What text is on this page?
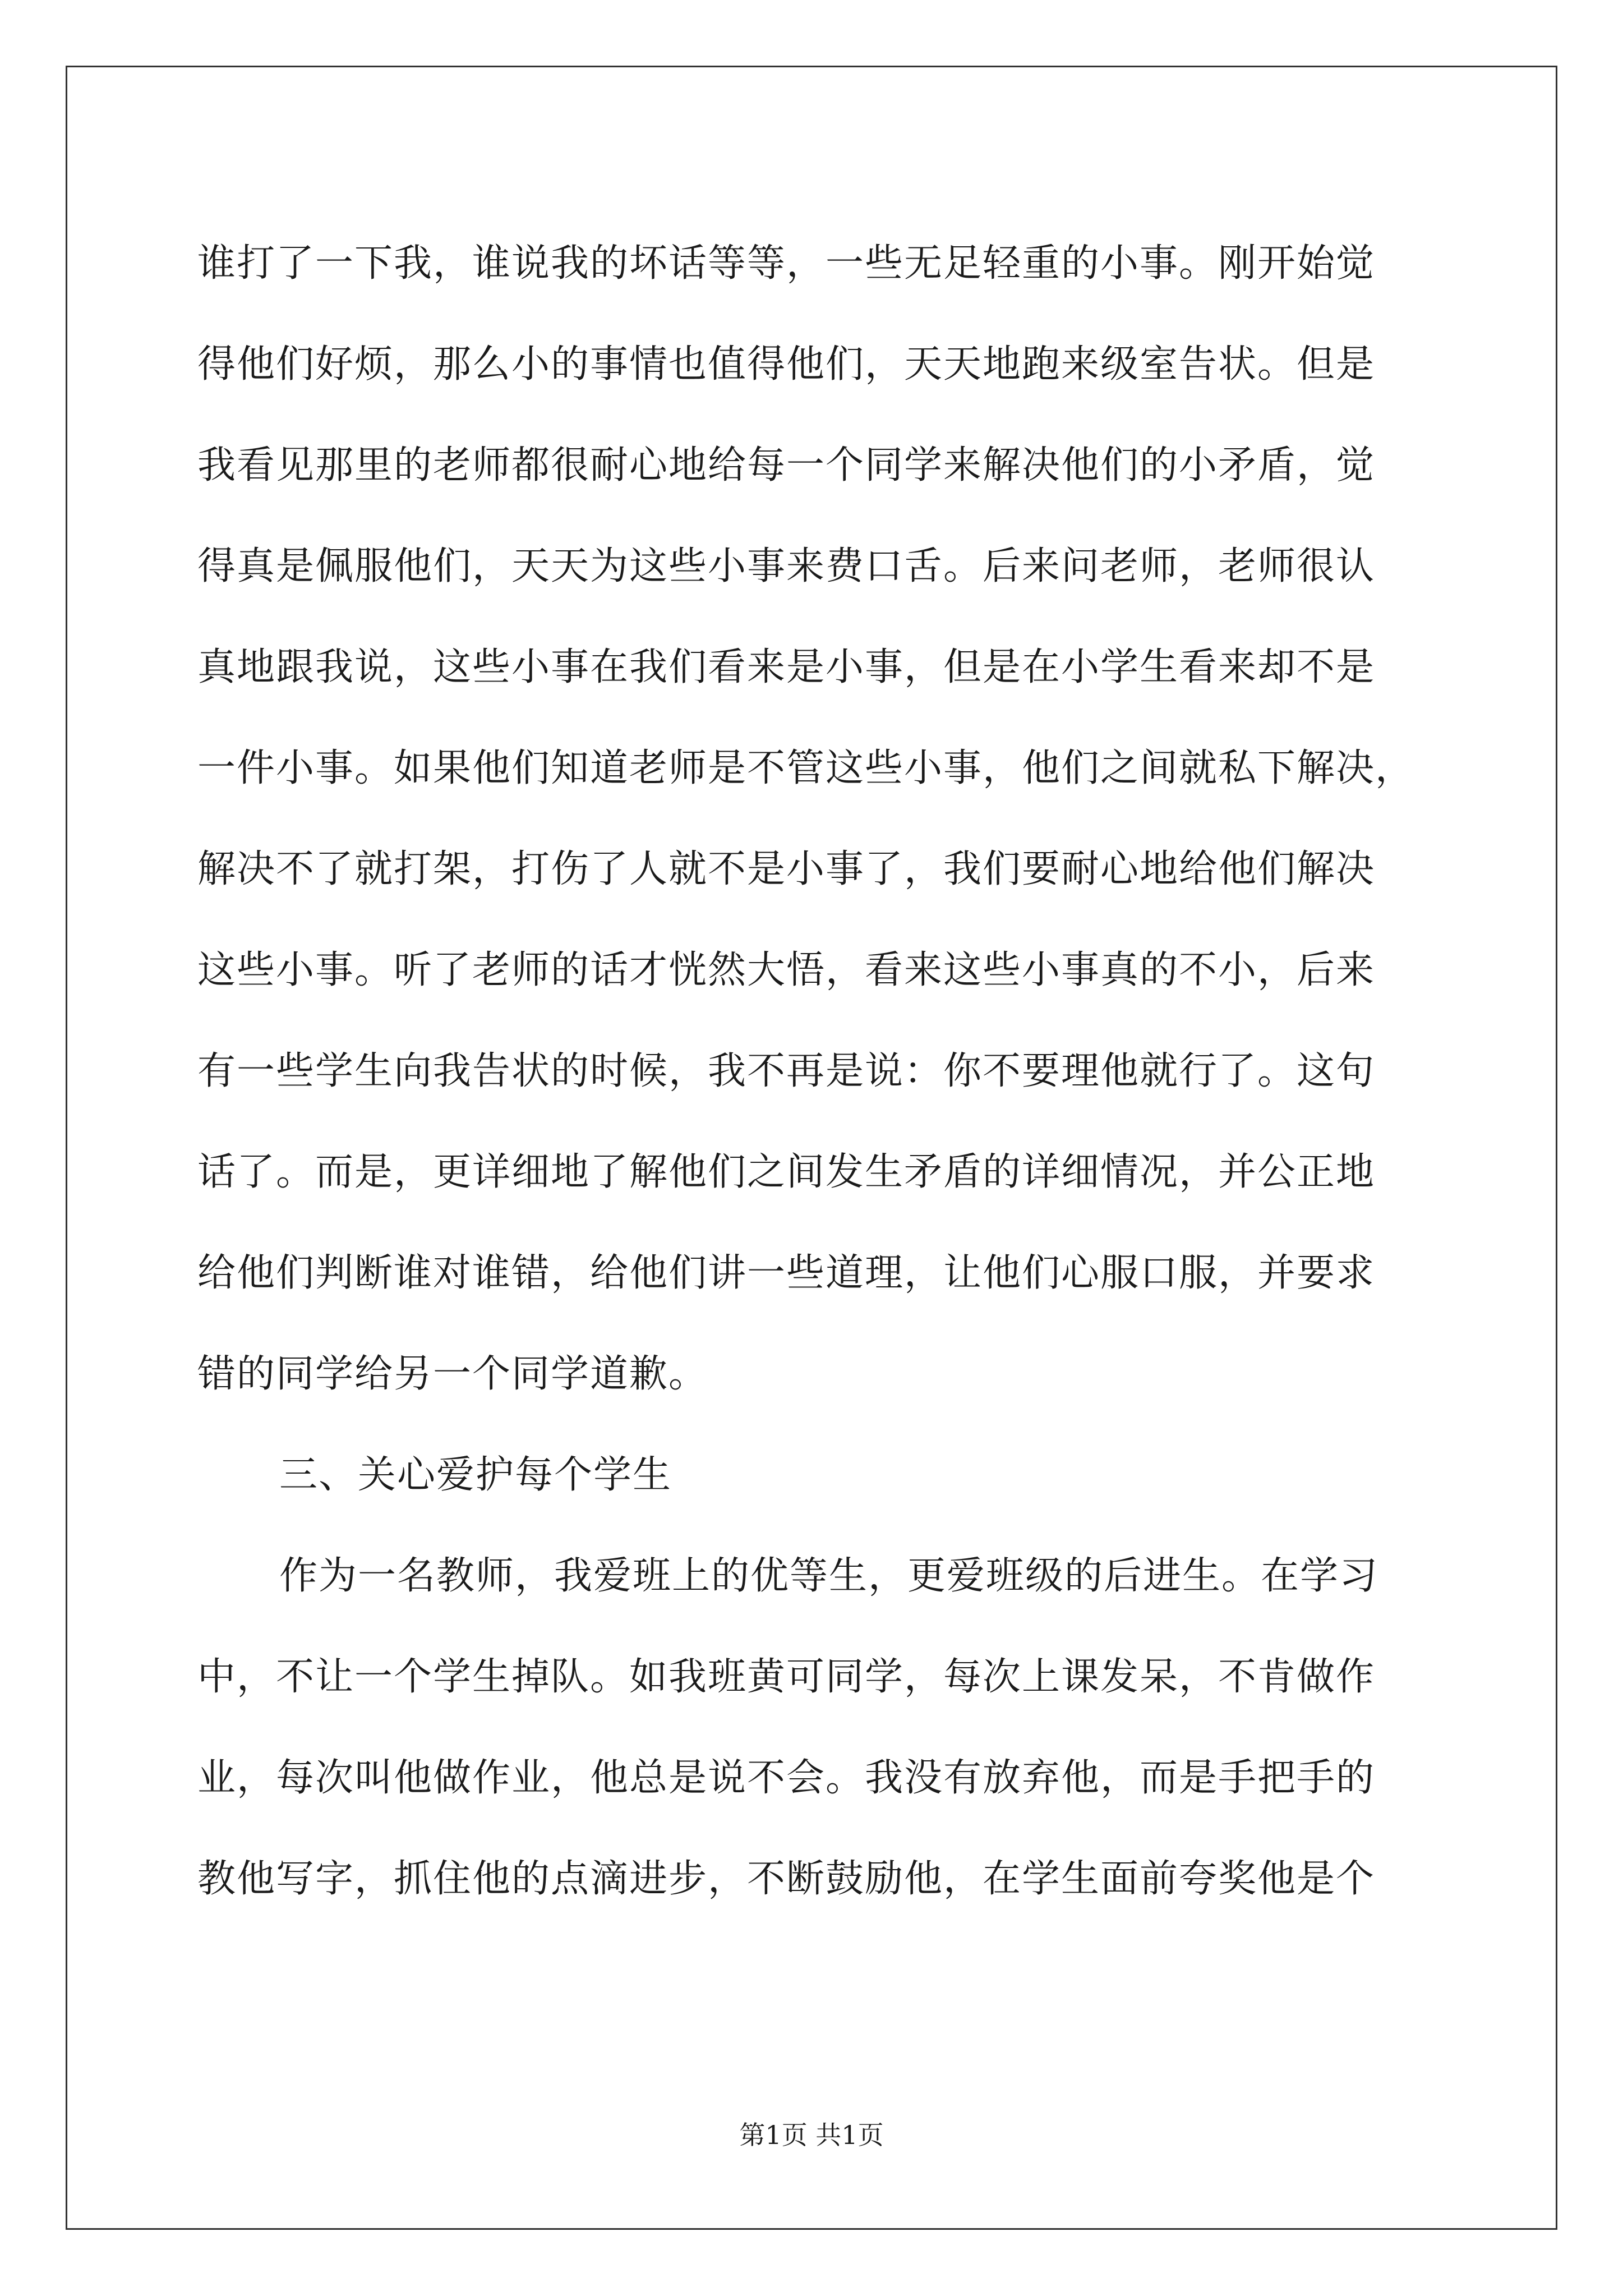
谁打了一下我，谁说我的坏话等等，一些无足轻重的小事。刚开始觉
得他们好烦，那么小的事情也值得他们，天天地跑来级室告状。但是
我看见那里的老师都很耐心地给每一个同学来解决他们的小矛盾，觉
得真是佩服他们，天天为这些小事来费口舌。后来问老师，老师很认
真地跟我说，这些小事在我们看来是小事，但是在小学生看来却不是
一件小事。如果他们知道老师是不管这些小事，他们之间就私下解决，
解决不了就打架，打伤了人就不是小事了，我们要耐心地给他们解决
这些小事。听了老师的话才恍然大悟，看来这些小事真的不小，后来
有一些学生向我告状的时候，我不再是说：你不要理他就行了。这句
话了。而是，更详细地了解他们之间发生矛盾的详细情况，并公正地
给他们判断谁对谁错，给他们讲一些道理，让他们心服口服，并要求
错的同学给另一个同学道歉。
三、关心爱护每个学生
作为一名教师，我爱班上的优等生，更爱班级的后进生。在学习
中，不让一个学生掉队。如我班黄可同学，每次上课发呆，不肯做作
业，每次叫他做作业，他总是说不会。我没有放弃他，而是手把手的
教他写字，抓住他的点滴进步，不断鼓励他，在学生面前夸奖他是个
第1页 共1页
